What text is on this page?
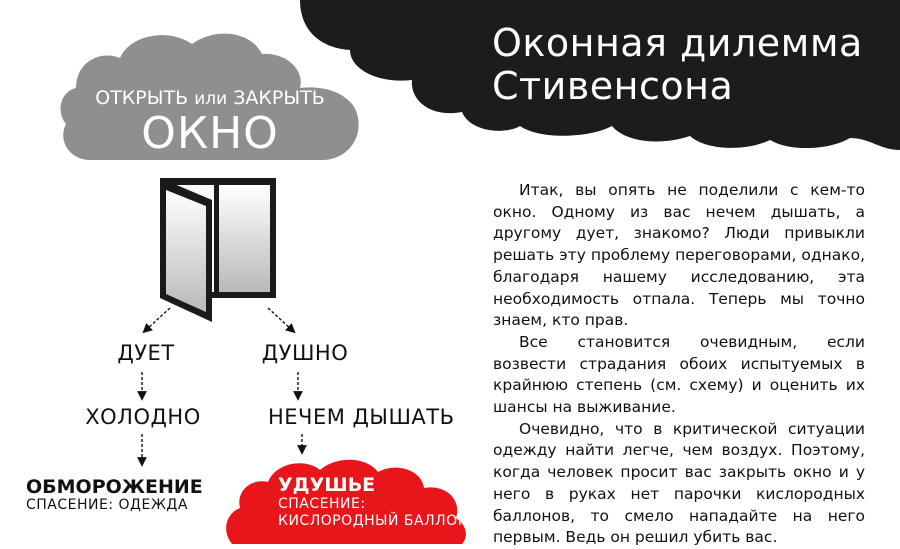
Оконная дилемма
Стивенсона
ОТКРЫТЬ или ЗАКРЫТЬ
ОКНО
ДУЕТ
ХОЛОДНО
ОБМОРОЖЕНИЕ
СПАСЕНИЕ: ОДЕЖДА
ДУШНО
НЕЧЕМ ДЫШАТЬ
УДУШЬЕ
СПАСЕНИЕ:
КИСЛОРОДНЫЙ БАЛЛОН

Итак, вы опять не поделили с кем-то окно. Одному из вас нечем дышать, а другому дует, знакомо? Люди привыкли решать эту проблему переговорами, однако, благодаря нашему исследованию, эта необходимость отпала. Теперь мы точно знаем, кто прав.

Все становится очевидным, если возвести страдания обоих испытуемых в крайнюю степень (см. схему) и оценить их шансы на выживание.

Очевидно, что в критической ситуации одежду найти легче, чем воздух. Поэтому, когда человек просит вас закрыть окно и у него в руках нет парочки кислородных баллонов, то смело нападайте на него первым. Ведь он решил убить вас.
